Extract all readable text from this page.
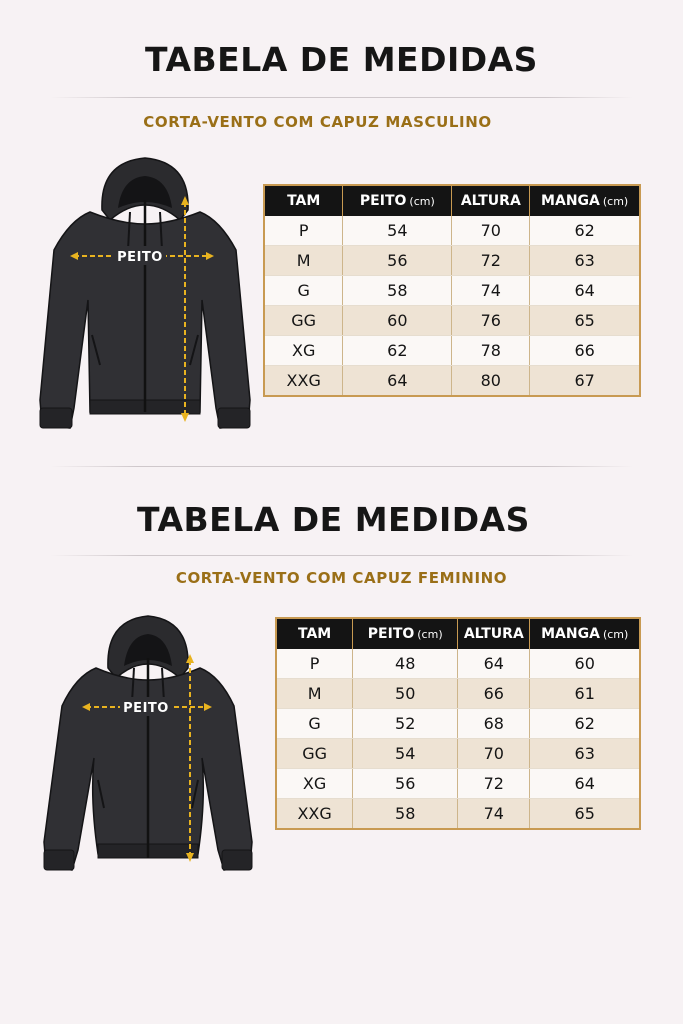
TABELA DE MEDIDAS
CORTA-VENTO COM CAPUZ MASCULINO
PEITO
TAM	PEITO (cm)	ALTURA	MANGA (cm)
P	54	70	62
M	56	72	63
G	58	74	64
GG	60	76	65
XG	62	78	66
XXG	64	80	67
TABELA DE MEDIDAS
CORTA-VENTO COM CAPUZ FEMININO
PEITO
TAM	PEITO (cm)	ALTURA	MANGA (cm)
P	48	64	60
M	50	66	61
G	52	68	62
GG	54	70	63
XG	56	72	64
XXG	58	74	65
